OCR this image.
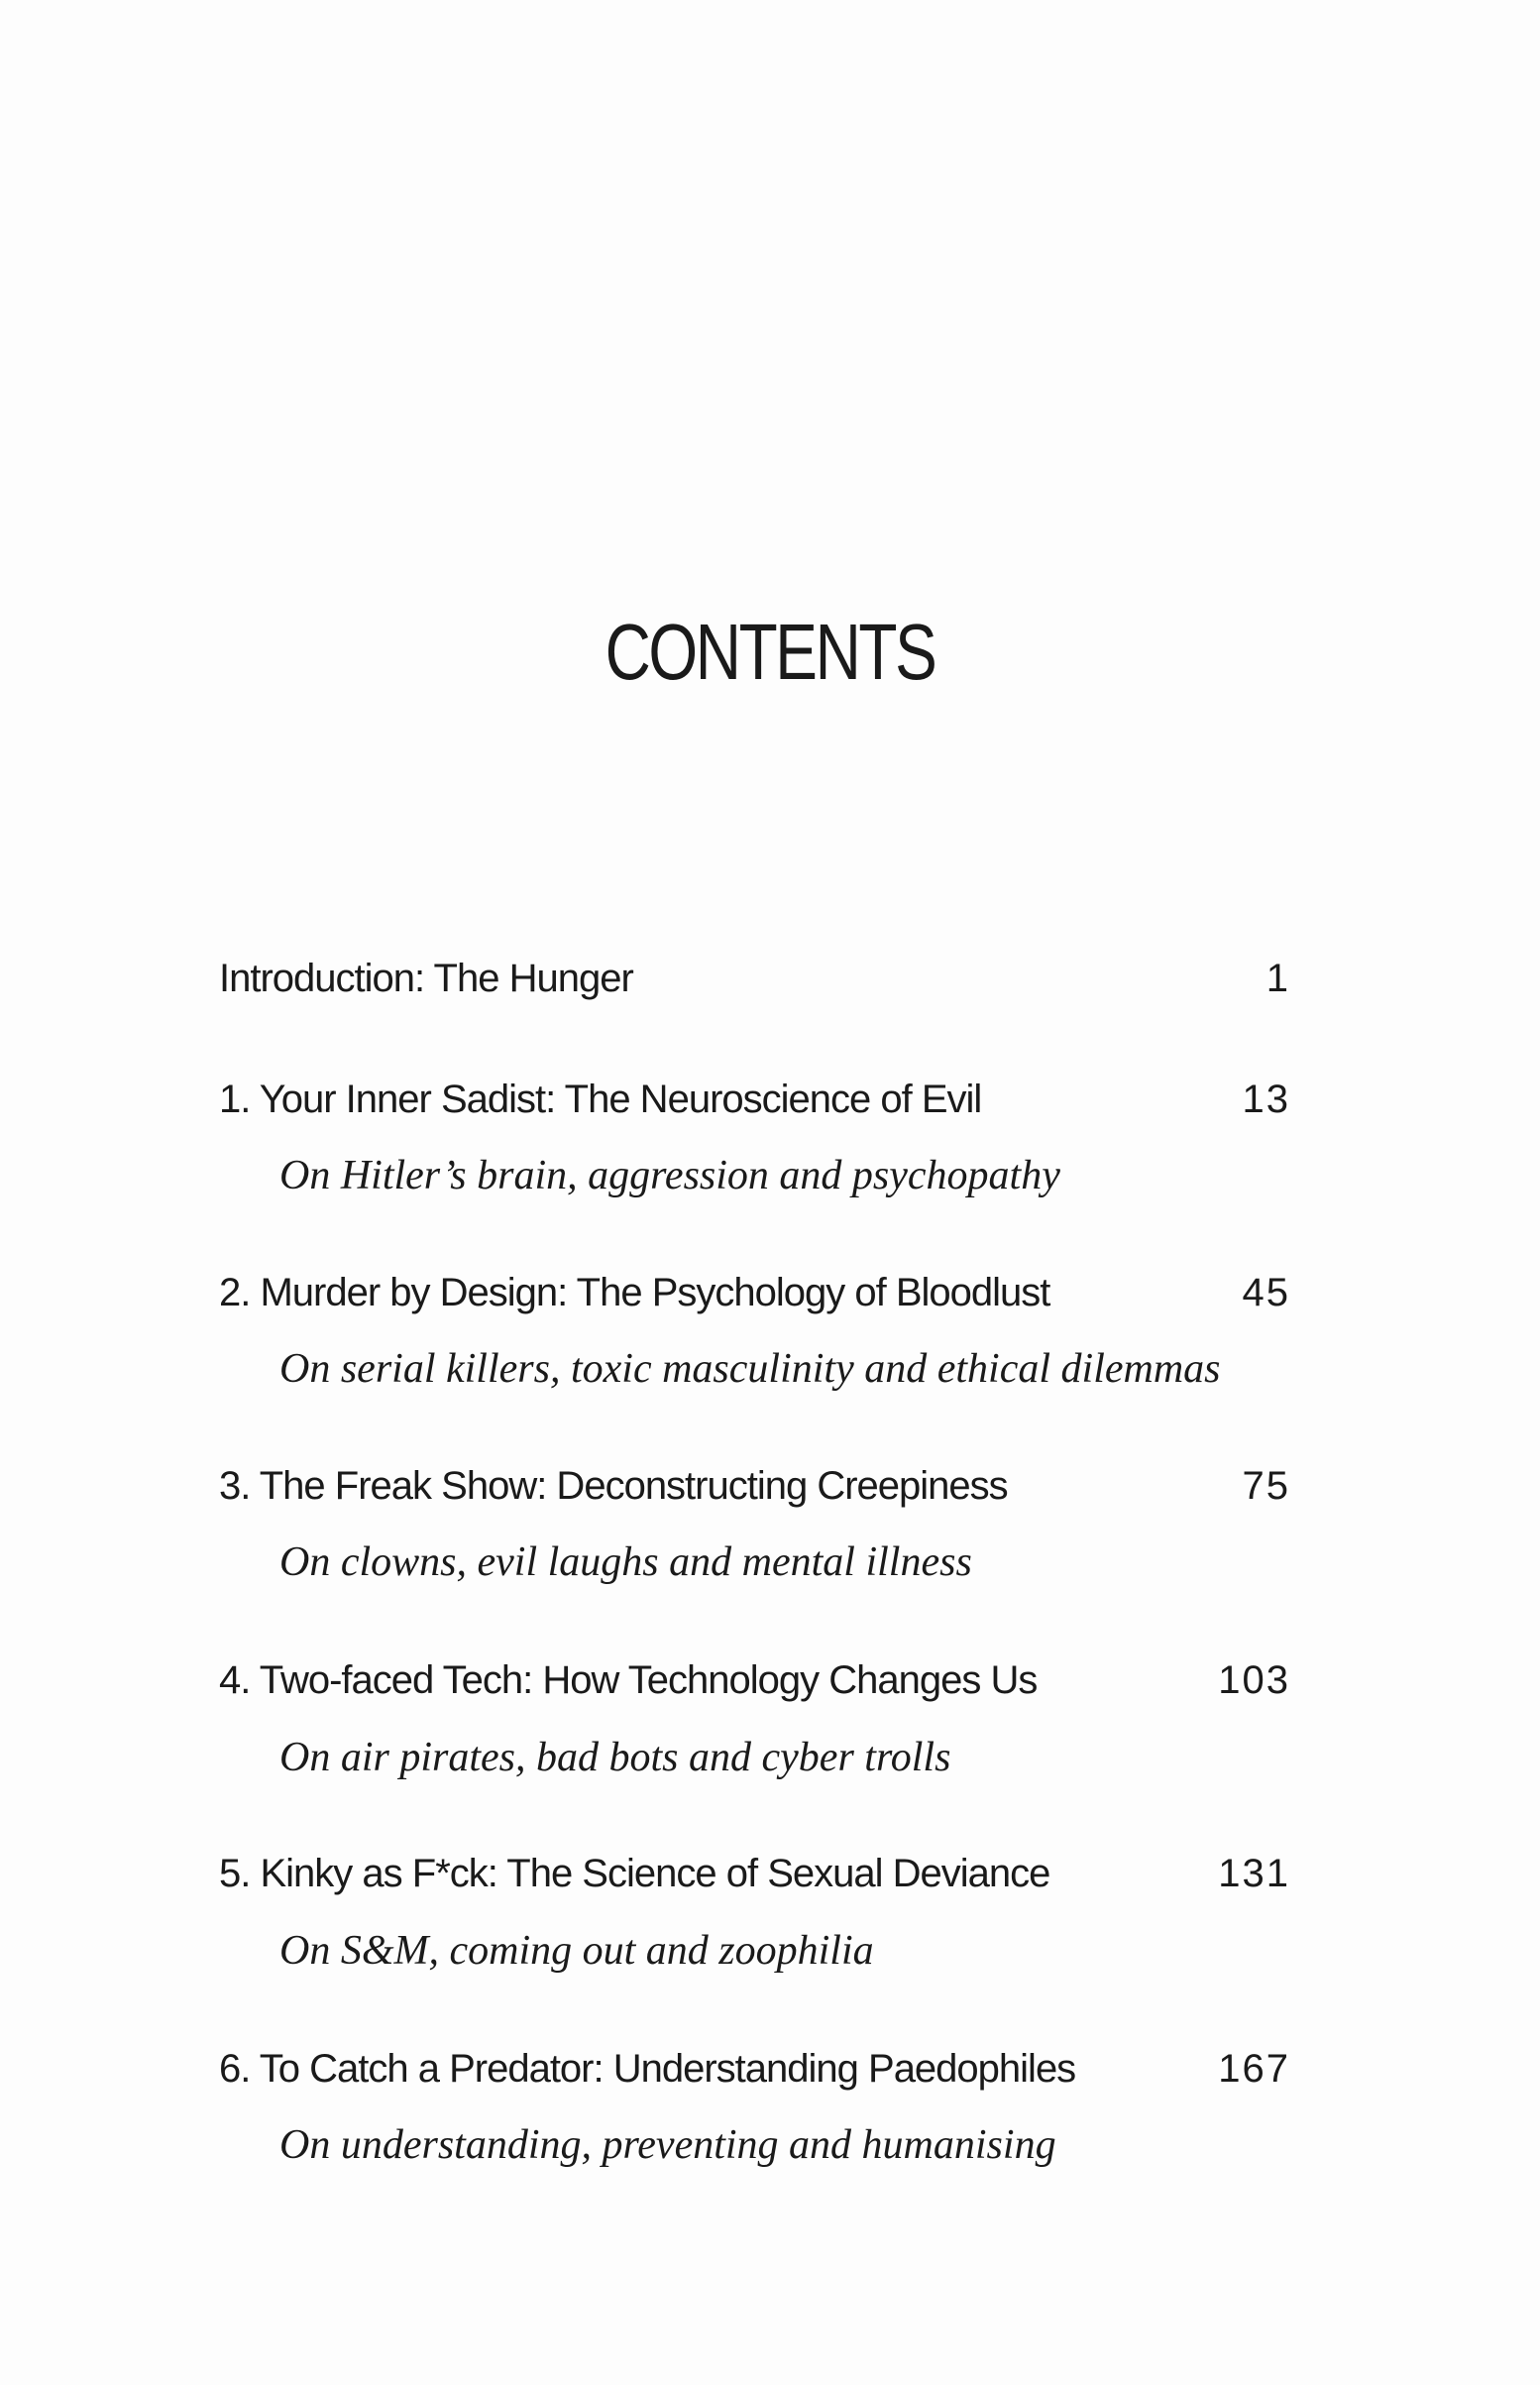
CONTENTS
Introduction: The Hunger	1
1. Your Inner Sadist: The Neuroscience of Evil	13
On Hitler’s brain, aggression and psychopathy
2. Murder by Design: The Psychology of Bloodlust	45
On serial killers, toxic masculinity and ethical dilemmas
3. The Freak Show: Deconstructing Creepiness	75
On clowns, evil laughs and mental illness
4. Two-faced Tech: How Technology Changes Us	103
On air pirates, bad bots and cyber trolls
5. Kinky as F*ck: The Science of Sexual Deviance	131
On S&M, coming out and zoophilia
6. To Catch a Predator: Understanding Paedophiles	167
On understanding, preventing and humanising
